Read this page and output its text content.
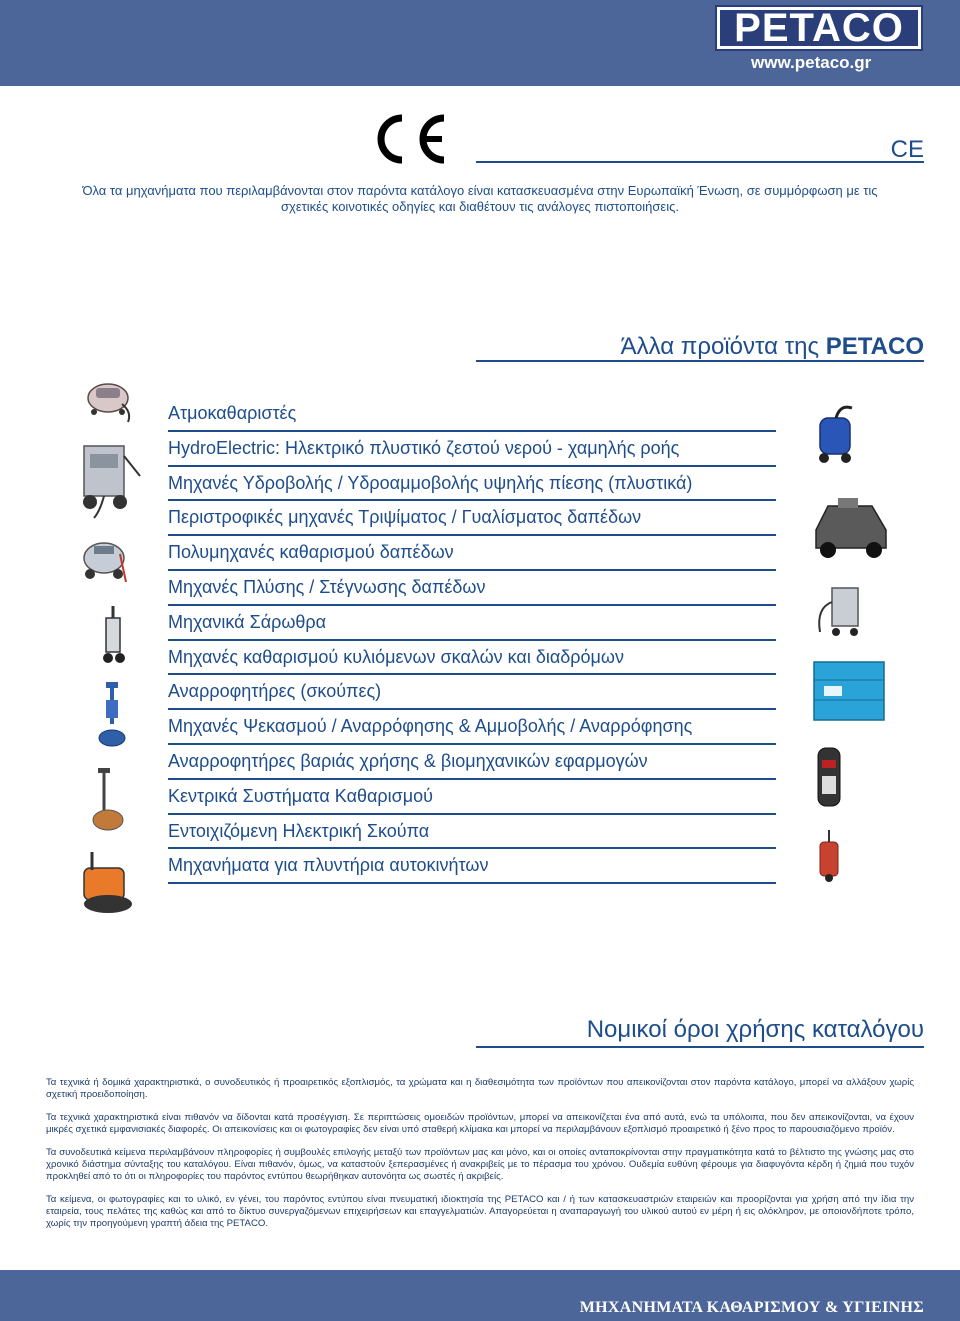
PETACO
www.petaco.gr
CE
Όλα τα μηχανήματα που περιλαμβάνονται στον παρόντα κατάλογο είναι κατασκευασμένα στην Ευρωπαϊκή Ένωση, σε συμμόρφωση με τις σχετικές κοινοτικές οδηγίες και διαθέτουν τις ανάλογες πιστοποιήσεις.
Άλλα προϊόντα της PETACO
Ατμοκαθαριστές
HydroElectric: Ηλεκτρικό πλυστικό ζεστού νερού - χαμηλής ροής
Μηχανές Υδροβολής / Υδροαμμοβολής υψηλής πίεσης (πλυστικά)
Περιστροφικές μηχανές Τριψίματος / Γυαλίσματος δαπέδων
Πολυμηχανές καθαρισμού δαπέδων
Μηχανές Πλύσης / Στέγνωσης δαπέδων
Μηχανικά Σάρωθρα
Μηχανές καθαρισμού κυλιόμενων σκαλών και διαδρόμων
Αναρροφητήρες (σκούπες)
Μηχανές Ψεκασμού / Αναρρόφησης & Αμμοβολής / Αναρρόφησης
Αναρροφητήρες βαριάς χρήσης & βιομηχανικών εφαρμογών
Κεντρικά Συστήματα Καθαρισμού
Εντοιχιζόμενη Ηλεκτρική Σκούπα
Μηχανήματα για πλυντήρια αυτοκινήτων
Νομικοί όροι χρήσης καταλόγου

Τα τεχνικά ή δομικά χαρακτηριστικά, ο συνοδευτικός ή προαιρετικός εξοπλισμός, τα χρώματα και η διαθεσιμότητα των προϊόντων που απεικονίζονται στον παρόντα κατάλογο, μπορεί να αλλάξουν χωρίς σχετική προειδοποίηση.

Τα τεχνικά χαρακτηριστικά είναι πιθανόν να δίδονται κατά προσέγγιση. Σε περιπτώσεις ομοειδών προϊόντων, μπορεί να απεικονίζεται ένα από αυτά, ενώ τα υπόλοιπα, που δεν απεικονίζονται, να έχουν μικρές σχετικά εμφανισιακές διαφορές. Οι απεικονίσεις και οι φωτογραφίες δεν είναι υπό σταθερή κλίμακα και μπορεί να περιλαμβάνουν εξοπλισμό προαιρετικό ή ξένο προς το παρουσιαζόμενο προϊόν.

Τα συνοδευτικά κείμενα περιλαμβάνουν πληροφορίες ή συμβουλές επιλογής μεταξύ των προϊόντων μας και μόνο, και οι οποίες ανταποκρίνονται στην πραγματικότητα κατά το βέλτιστο της γνώσης μας στο χρονικό διάστημα σύνταξης του καταλόγου. Είναι πιθανόν, όμως, να καταστούν ξεπερασμένες ή ανακριβείς με το πέρασμα του χρόνου. Ουδεμία ευθύνη φέρουμε για διαφυγόντα κέρδη ή ζημιά που τυχόν προκληθεί από το ότι οι πληροφορίες του παρόντος εντύπου θεωρήθηκαν αυτονόητα ως σωστές ή ακριβείς.

Τα κείμενα, οι φωτογραφίες και το υλικό, εν γένει, του παρόντος εντύπου είναι πνευματική ιδιοκτησία της PETACO και / ή των κατασκευαστριών εταιρειών και προορίζονται για χρήση από την ίδια την εταιρεία, τους πελάτες της καθώς και από το δίκτυο συνεργαζόμενων επιχειρήσεων και επαγγελματιών. Απαγορεύεται η αναπαραγωγή του υλικού αυτού εν μέρη ή εις ολόκληρον, με οποιονδήποτε τρόπο, χωρίς την προηγούμενη γραπτή άδεια της PETACO.

ΜΗΧΑΝΗΜΑΤΑ ΚΑΘΑΡΙΣΜΟΥ & ΥΓΙΕΙΝΗΣ
